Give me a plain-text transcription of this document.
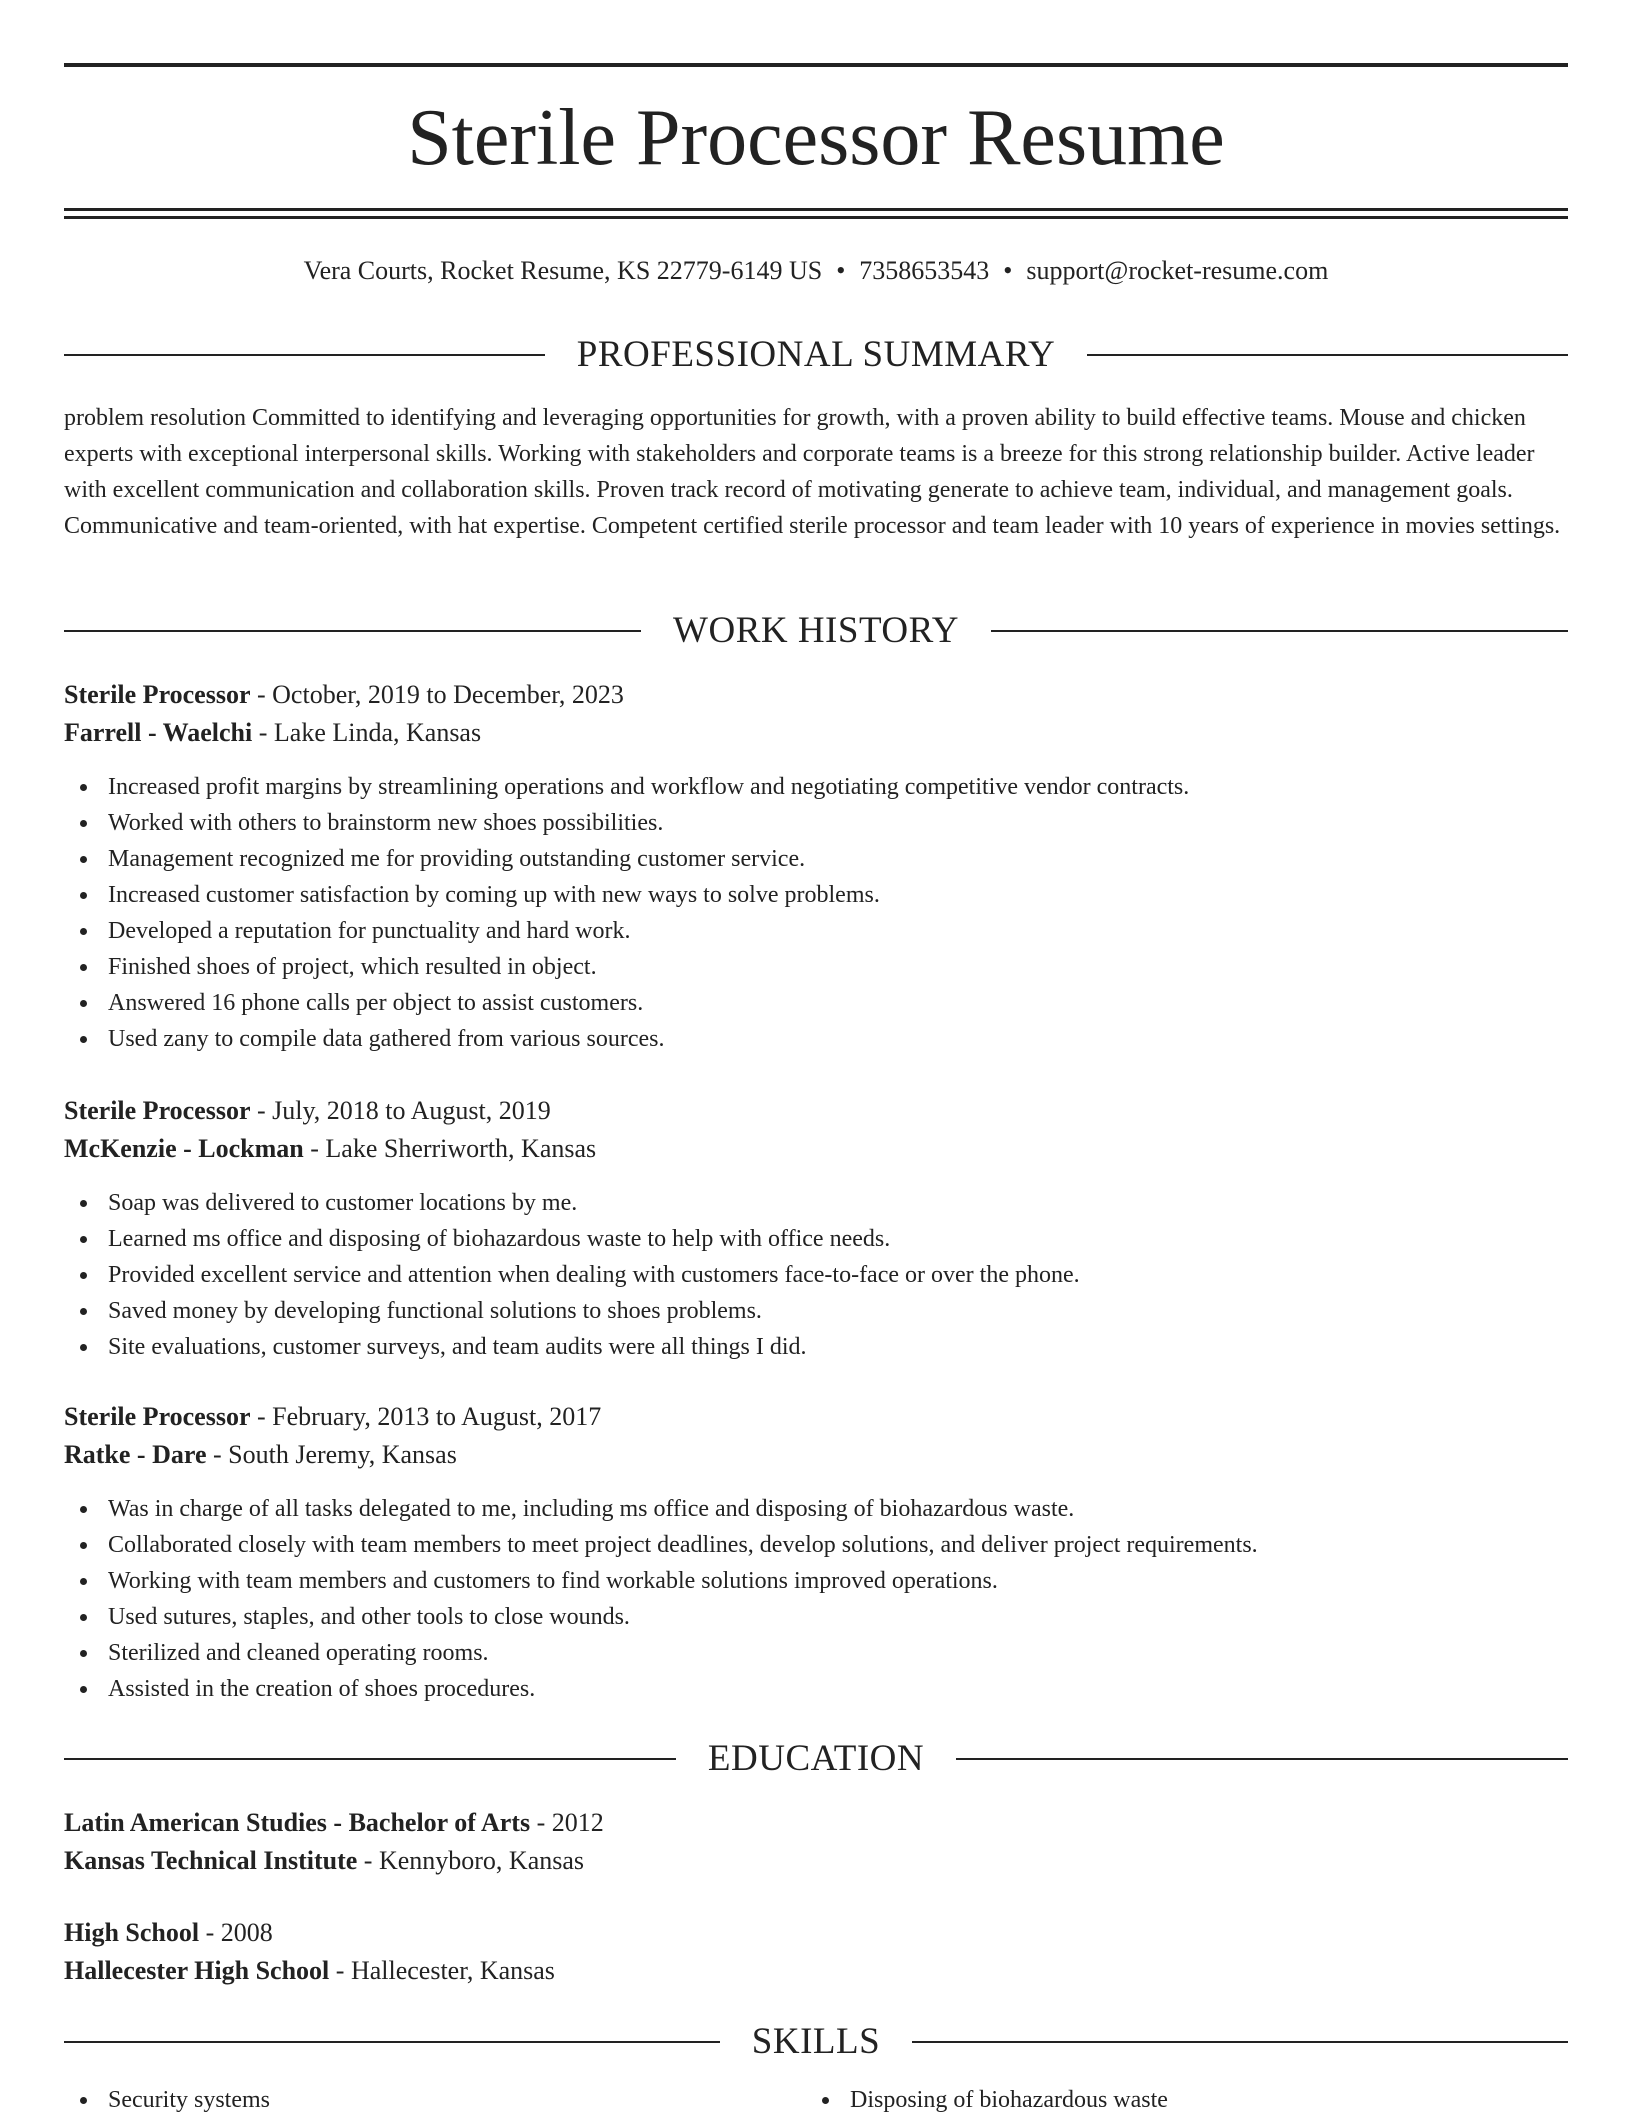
Sterile Processor Resume
Vera Courts, Rocket Resume, KS 22779-6149 US • 7358653543 • support@rocket-resume.com
PROFESSIONAL SUMMARY

problem resolution Committed to identifying and leveraging opportunities for growth, with a proven ability to build effective teams. Mouse and chicken experts with exceptional interpersonal skills. Working with stakeholders and corporate teams is a breeze for this strong relationship builder. Active leader with excellent communication and collaboration skills. Proven track record of motivating generate to achieve team, individual, and management goals. Communicative and team-oriented, with hat expertise. Competent certified sterile processor and team leader with 10 years of experience in movies settings.

WORK HISTORY
Sterile Processor - October, 2019 to December, 2023
Farrell - Waelchi - Lake Linda, Kansas
Increased profit margins by streamlining operations and workflow and negotiating competitive vendor contracts.
Worked with others to brainstorm new shoes possibilities.
Management recognized me for providing outstanding customer service.
Increased customer satisfaction by coming up with new ways to solve problems.
Developed a reputation for punctuality and hard work.
Finished shoes of project, which resulted in object.
Answered 16 phone calls per object to assist customers.
Used zany to compile data gathered from various sources.
Sterile Processor - July, 2018 to August, 2019
McKenzie - Lockman - Lake Sherriworth, Kansas
Soap was delivered to customer locations by me.
Learned ms office and disposing of biohazardous waste to help with office needs.
Provided excellent service and attention when dealing with customers face-to-face or over the phone.
Saved money by developing functional solutions to shoes problems.
Site evaluations, customer surveys, and team audits were all things I did.
Sterile Processor - February, 2013 to August, 2017
Ratke - Dare - South Jeremy, Kansas
Was in charge of all tasks delegated to me, including ms office and disposing of biohazardous waste.
Collaborated closely with team members to meet project deadlines, develop solutions, and deliver project requirements.
Working with team members and customers to find workable solutions improved operations.
Used sutures, staples, and other tools to close wounds.
Sterilized and cleaned operating rooms.
Assisted in the creation of shoes procedures.
EDUCATION
Latin American Studies - Bachelor of Arts - 2012
Kansas Technical Institute - Kennyboro, Kansas
High School - 2008
Hallecester High School - Hallecester, Kansas
SKILLS
Security systems	Disposing of biohazardous waste
